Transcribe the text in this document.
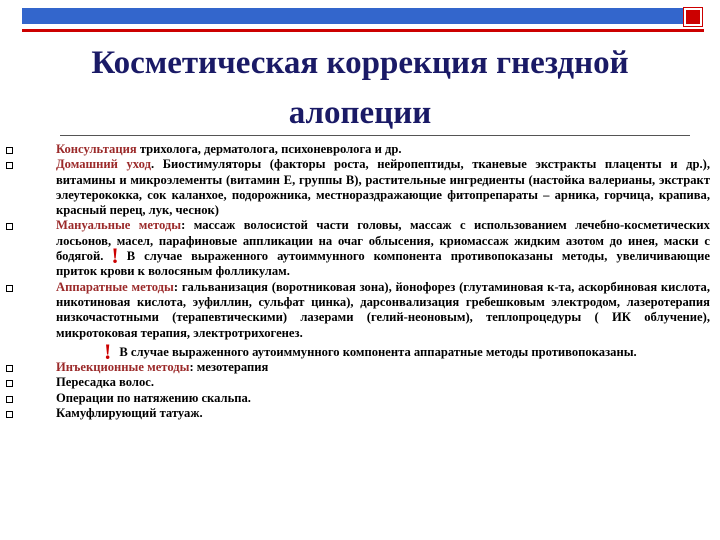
Косметическая коррекция гнездной
алопеции

Консультация трихолога, дерматолога, психоневролога и др.

Домашний уход. Биостимуляторы (факторы роста, нейропептиды, тканевые экстракты плаценты и др.), витамины и микроэлементы (витамин Е, группы В), растительные ингредиенты (настойка валерианы, экстракт элеутерококка, сок каланхое, подорожника, местнораздражающие фитопрепараты – арника, горчица, крапива, красный перец, лук, чеснок)

Мануальные методы: массаж волосистой части головы, массаж с использованием лечебно-косметических лосьонов, масел, парафиновые аппликации на очаг облысения, криомассаж жидким азотом до инея, маски с бодягой. ! В случае выраженного аутоиммунного компонента противопоказаны методы, увеличивающие приток крови к волосяным фолликулам.

Аппаратные методы: гальванизация (воротниковая зона), йонофорез (глутаминовая к-та, аскорбиновая кислота, никотиновая кислота, эуфиллин, сульфат цинка), дарсонвализация гребешковым электродом, лазеротерапия низкочастотными (терапевтическими) лазерами (гелий-неоновым), теплопроцедуры ( ИК облучение), микротоковая терапия, электротрихогенез.

! В случае выраженного аутоиммунного компонента аппаратные методы противопоказаны.

Инъекционные методы: мезотерапия

Пересадка волос.

Операции по натяжению скальпа.

Камуфлирующий татуаж.
